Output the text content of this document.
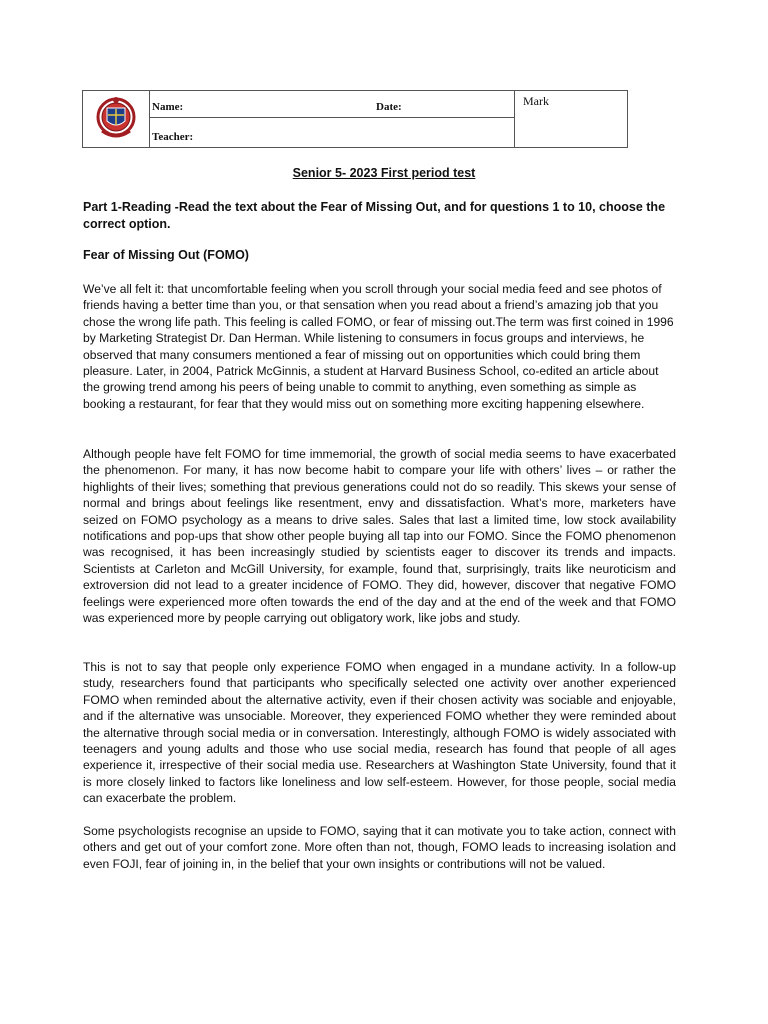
Name:	Date:
Teacher:
Mark
Senior 5- 2023 First period test
Part 1-Reading -Read the text about the Fear of Missing Out, and for questions 1 to 10, choose the correct option.
Fear of Missing Out (FOMO)

We’ve all felt it: that uncomfortable feeling when you scroll through your social media feed and see photos of friends having a better time than you, or that sensation when you read about a friend’s amazing job that you chose the wrong life path. This feeling is called FOMO, or fear of missing out.The term was first coined in 1996 by Marketing Strategist Dr. Dan Herman. While listening to consumers in focus groups and interviews, he observed that many consumers mentioned a fear of missing out on opportunities which could bring them pleasure. Later, in 2004, Patrick McGinnis, a student at Harvard Business School, co-edited an article about the growing trend among his peers of being unable to commit to anything, even something as simple as booking a restaurant, for fear that they would miss out on something more exciting happening elsewhere.

Although people have felt FOMO for time immemorial, the growth of social media seems to have exacerbated the phenomenon. For many, it has now become habit to compare your life with others’ lives – or rather the highlights of their lives; something that previous generations could not do so readily. This skews your sense of normal and brings about feelings like resentment, envy and dissatisfaction. What’s more, marketers have seized on FOMO psychology as a means to drive sales. Sales that last a limited time, low stock availability notifications and pop-ups that show other people buying all tap into our FOMO. Since the FOMO phenomenon was recognised, it has been increasingly studied by scientists eager to discover its trends and impacts. Scientists at Carleton and McGill University, for example, found that, surprisingly, traits like neuroticism and extroversion did not lead to a greater incidence of FOMO. They did, however, discover that negative FOMO feelings were experienced more often towards the end of the day and at the end of the week and that FOMO was experienced more by people carrying out obligatory work, like jobs and study.

This is not to say that people only experience FOMO when engaged in a mundane activity. In a follow-up study, researchers found that participants who specifically selected one activity over another experienced FOMO when reminded about the alternative activity, even if their chosen activity was sociable and enjoyable, and if the alternative was unsociable. Moreover, they experienced FOMO whether they were reminded about the alternative through social media or in conversation. Interestingly, although FOMO is widely associated with teenagers and young adults and those who use social media, research has found that people of all ages experience it, irrespective of their social media use. Researchers at Washington State University, found that it is more closely linked to factors like loneliness and low self-esteem. However, for those people, social media can exacerbate the problem.

Some psychologists recognise an upside to FOMO, saying that it can motivate you to take action, connect with others and get out of your comfort zone. More often than not, though, FOMO leads to increasing isolation and even FOJI, fear of joining in, in the belief that your own insights or contributions will not be valued.
